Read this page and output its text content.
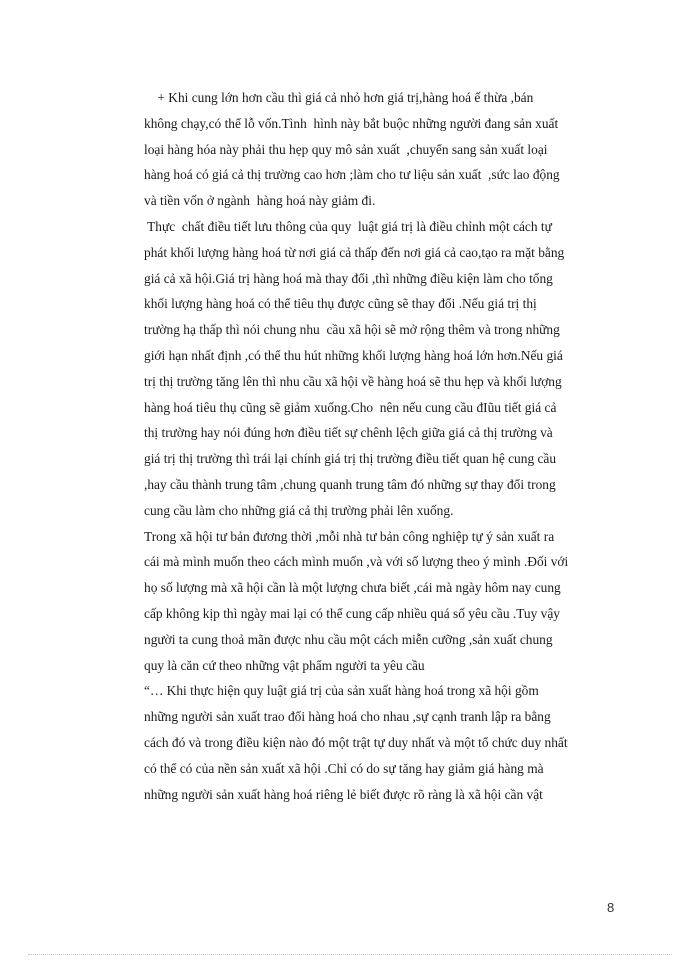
+ Khi cung lớn hơn cầu thì giá cả nhỏ hơn giá trị,hàng hoá ế thừa ,bán
không chạy,có thể lỗ vốn.Tình  hình này bắt buộc những người đang sản xuất
loại hàng hóa này phải thu hẹp quy mô sản xuất  ,chuyển sang sản xuất loại
hàng hoá có giá cả thị trường cao hơn ;làm cho tư liệu sản xuất  ,sức lao động
và tiền vốn ở ngành  hàng hoá này giảm đi.
Thực  chất điều tiết lưu thông của quy  luật giá trị là điều chỉnh một cách tự
phát khối lượng hàng hoá từ nơi giá cả thấp đến nơi giá cả cao,tạo ra mặt bằng
giá cả xã hội.Giá trị hàng hoá mà thay đổi ,thì những điều kiện làm cho tổng
khối lượng hàng hoá có thể tiêu thụ được cũng sẽ thay đổi .Nếu giá trị thị
trường hạ thấp thì nói chung nhu  cầu xã hội sẽ mở rộng thêm và trong những
giới hạn nhất định ,có thể thu hút những khối lượng hàng hoá lớn hơn.Nếu giá
trị thị trường tăng lên thì nhu cầu xã hội về hàng hoá sẽ thu hẹp và khối lượng
hàng hoá tiêu thụ cũng sẽ giảm xuống.Cho  nên nếu cung cầu đIũu tiết giá cả
thị trường hay nói đúng hơn điều tiết sự chênh lệch giữa giá cả thị trường và
giá trị thị trường thì trái lại chính giá trị thị trường điều tiết quan hệ cung cầu
,hay cầu thành trung tâm ,chung quanh trung tâm đó những sự thay đổi trong
cung cầu làm cho những giá cả thị trường phải lên xuống.
Trong xã hội tư bản đương thời ,mỗi nhà tư bản công nghiệp tự ý sản xuất ra
cái mà mình muốn theo cách mình muốn ,và với số lượng theo ý mình .Đối với
họ số lượng mà xã hội cần là một lượng chưa biết ,cái mà ngày hôm nay cung
cấp không kịp thì ngày mai lại có thể cung cấp nhiều quá số yêu cầu .Tuy vậy
người ta cung thoả mãn được nhu cầu một cách miễn cưỡng ,sản xuất chung
quy là căn cứ theo những vật phẩm người ta yêu cầu
“… Khi thực hiện quy luật giá trị của sản xuất hàng hoá trong xã hội gồm
những người sản xuất trao đổi hàng hoá cho nhau ,sự cạnh tranh lập ra bằng
cách đó và trong điều kiện nào đó một trật tự duy nhất và một tổ chức duy nhất
có thể có của nền sản xuất xã hội .Chỉ có do sự tăng hay giảm giá hàng mà
những người sản xuất hàng hoá riêng lẻ biết được rõ ràng là xã hội cần vật
8
